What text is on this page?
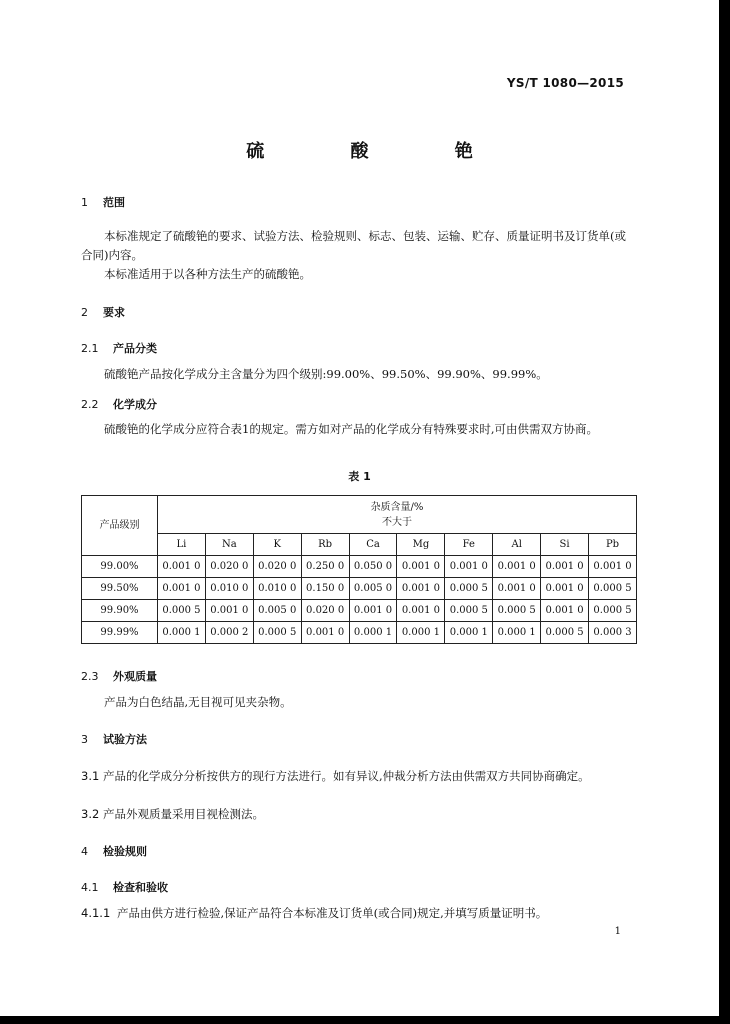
YS/T 1080—2015
硫 酸 铯
1 范围
本标准规定了硫酸铯的要求、试验方法、检验规则、标志、包装、运输、贮存、质量证明书及订货单(或合同)内容。
本标准适用于以各种方法生产的硫酸铯。
2 要求
2.1 产品分类
硫酸铯产品按化学成分主含量分为四个级别:99.00%、99.50%、99.90%、99.99%。
2.2 化学成分
硫酸铯的化学成分应符合表1的规定。需方如对产品的化学成分有特殊要求时,可由供需双方协商。
表 1
产品级别	杂质含量/%
不大于									

	Li	Na	K	Rb	Ca	Mg	Fe	Al	Si	Pb
99.00%	0.001 0	0.020 0	0.020 0	0.250 0	0.050 0	0.001 0	0.001 0	0.001 0	0.001 0	0.001 0
99.50%	0.001 0	0.010 0	0.010 0	0.150 0	0.005 0	0.001 0	0.000 5	0.001 0	0.001 0	0.000 5
99.90%	0.000 5	0.001 0	0.005 0	0.020 0	0.001 0	0.001 0	0.000 5	0.000 5	0.001 0	0.000 5
99.99%	0.000 1	0.000 2	0.000 5	0.001 0	0.000 1	0.000 1	0.000 1	0.000 1	0.000 5	0.000 3
2.3 外观质量
产品为白色结晶,无目视可见夹杂物。
3 试验方法
3.1 产品的化学成分分析按供方的现行方法进行。如有异议,仲裁分析方法由供需双方共同协商确定。
3.2 产品外观质量采用目视检测法。
4 检验规则
4.1 检查和验收
4.1.1 产品由供方进行检验,保证产品符合本标准及订货单(或合同)规定,并填写质量证明书。
1
